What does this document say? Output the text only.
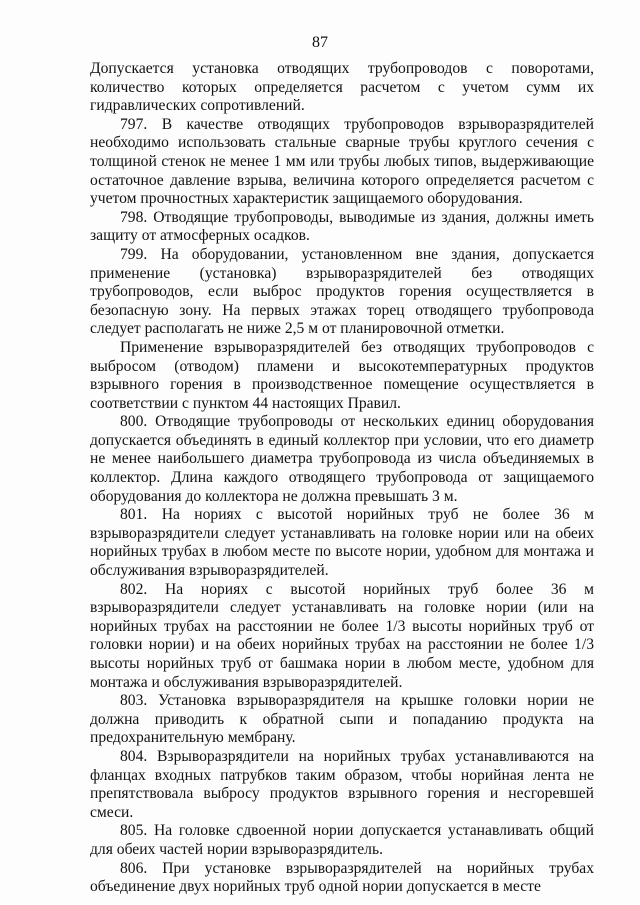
87

Допускается установка отводящих трубопроводов с поворотами, количество которых определяется расчетом с учетом сумм их гидравлических сопротивлений.

797. В качестве отводящих трубопроводов взрыворазрядителей необходимо использовать стальные сварные трубы круглого сечения с толщиной стенок не менее 1 мм или трубы любых типов, выдерживающие остаточное давление взрыва, величина которого определяется расчетом с учетом прочностных характеристик защищаемого оборудования.

798. Отводящие трубопроводы, выводимые из здания, должны иметь защиту от атмосферных осадков.

799. На оборудовании, установленном вне здания, допускается применение (установка) взрыворазрядителей без отводящих трубопроводов, если выброс продуктов горения осуществляется в безопасную зону. На первых этажах торец отводящего трубопровода следует располагать не ниже 2,5 м от планировочной отметки.

Применение взрыворазрядителей без отводящих трубопроводов с выбросом (отводом) пламени и высокотемпературных продуктов взрывного горения в производственное помещение осуществляется в соответствии с пунктом 44 настоящих Правил.

800. Отводящие трубопроводы от нескольких единиц оборудования допускается объединять в единый коллектор при условии, что его диаметр не менее наибольшего диаметра трубопровода из числа объединяемых в коллектор. Длина каждого отводящего трубопровода от защищаемого оборудования до коллектора не должна превышать 3 м.

801. На нориях с высотой норийных труб не более 36 м взрыворазрядители следует устанавливать на головке нории или на обеих норийных трубах в любом месте по высоте нории, удобном для монтажа и обслуживания взрыворазрядителей.

802. На нориях с высотой норийных труб более 36 м взрыворазрядители следует устанавливать на головке нории (или на норийных трубах на расстоянии не более 1/3 высоты норийных труб от головки нории) и на обеих норийных трубах на расстоянии не более 1/3 высоты норийных труб от башмака нории в любом месте, удобном для монтажа и обслуживания взрыворазрядителей.

803. Установка взрыворазрядителя на крышке головки нории не должна приводить к обратной сыпи и попаданию продукта на предохранительную мембрану.

804. Взрыворазрядители на норийных трубах устанавливаются на фланцах входных патрубков таким образом, чтобы норийная лента не препятствовала выбросу продуктов взрывного горения и несгоревшей смеси.

805. На головке сдвоенной нории допускается устанавливать общий для обеих частей нории взрыворазрядитель.

806. При установке взрыворазрядителей на норийных трубах объединение двух норийных труб одной нории допускается в месте
